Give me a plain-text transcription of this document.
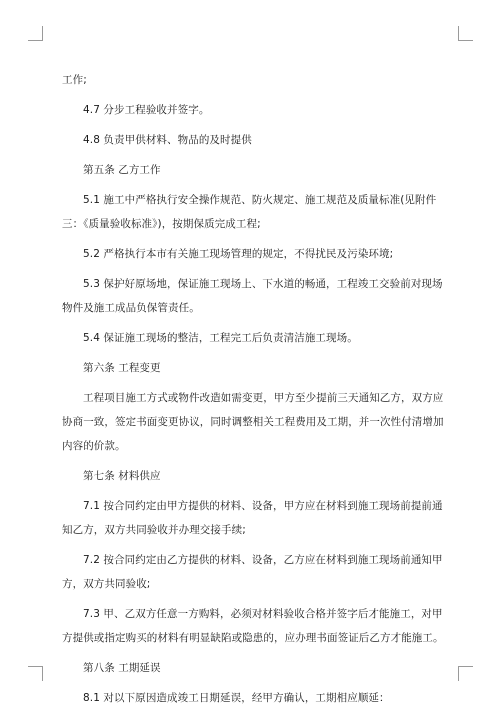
工作;

4.7 分步工程验收并签字。

4.8 负责甲供材料、物品的及时提供

第五条 乙方工作

5.1 施工中严格执行安全操作规范、防火规定、施工规范及质量标准(见附件三：《质量验收标准》)，按期保质完成工程;

5.2 严格执行本市有关施工现场管理的规定，不得扰民及污染环境;

5.3 保护好原场地，保证施工现场上、下水道的畅通，工程竣工交验前对现场物件及施工成品负保管责任。

5.4 保证施工现场的整洁，工程完工后负责清洁施工现场。

第六条 工程变更

工程项目施工方式或物件改造如需变更，甲方至少提前三天通知乙方，双方应协商一致，签定书面变更协议，同时调整相关工程费用及工期，并一次性付清增加内容的价款。

第七条 材料供应

7.1 按合同约定由甲方提供的材料、设备，甲方应在材料到施工现场前提前通知乙方，双方共同验收并办理交接手续;

7.2 按合同约定由乙方提供的材料、设备，乙方应在材料到施工现场前通知甲方，双方共同验收;

7.3 甲、乙双方任意一方购料，必须对材料验收合格并签字后才能施工，对甲方提供或指定购买的材料有明显缺陷或隐患的，应办理书面签证后乙方才能施工。

第八条 工期延误

8.1 对以下原因造成竣工日期延误，经甲方确认，工期相应顺延：
